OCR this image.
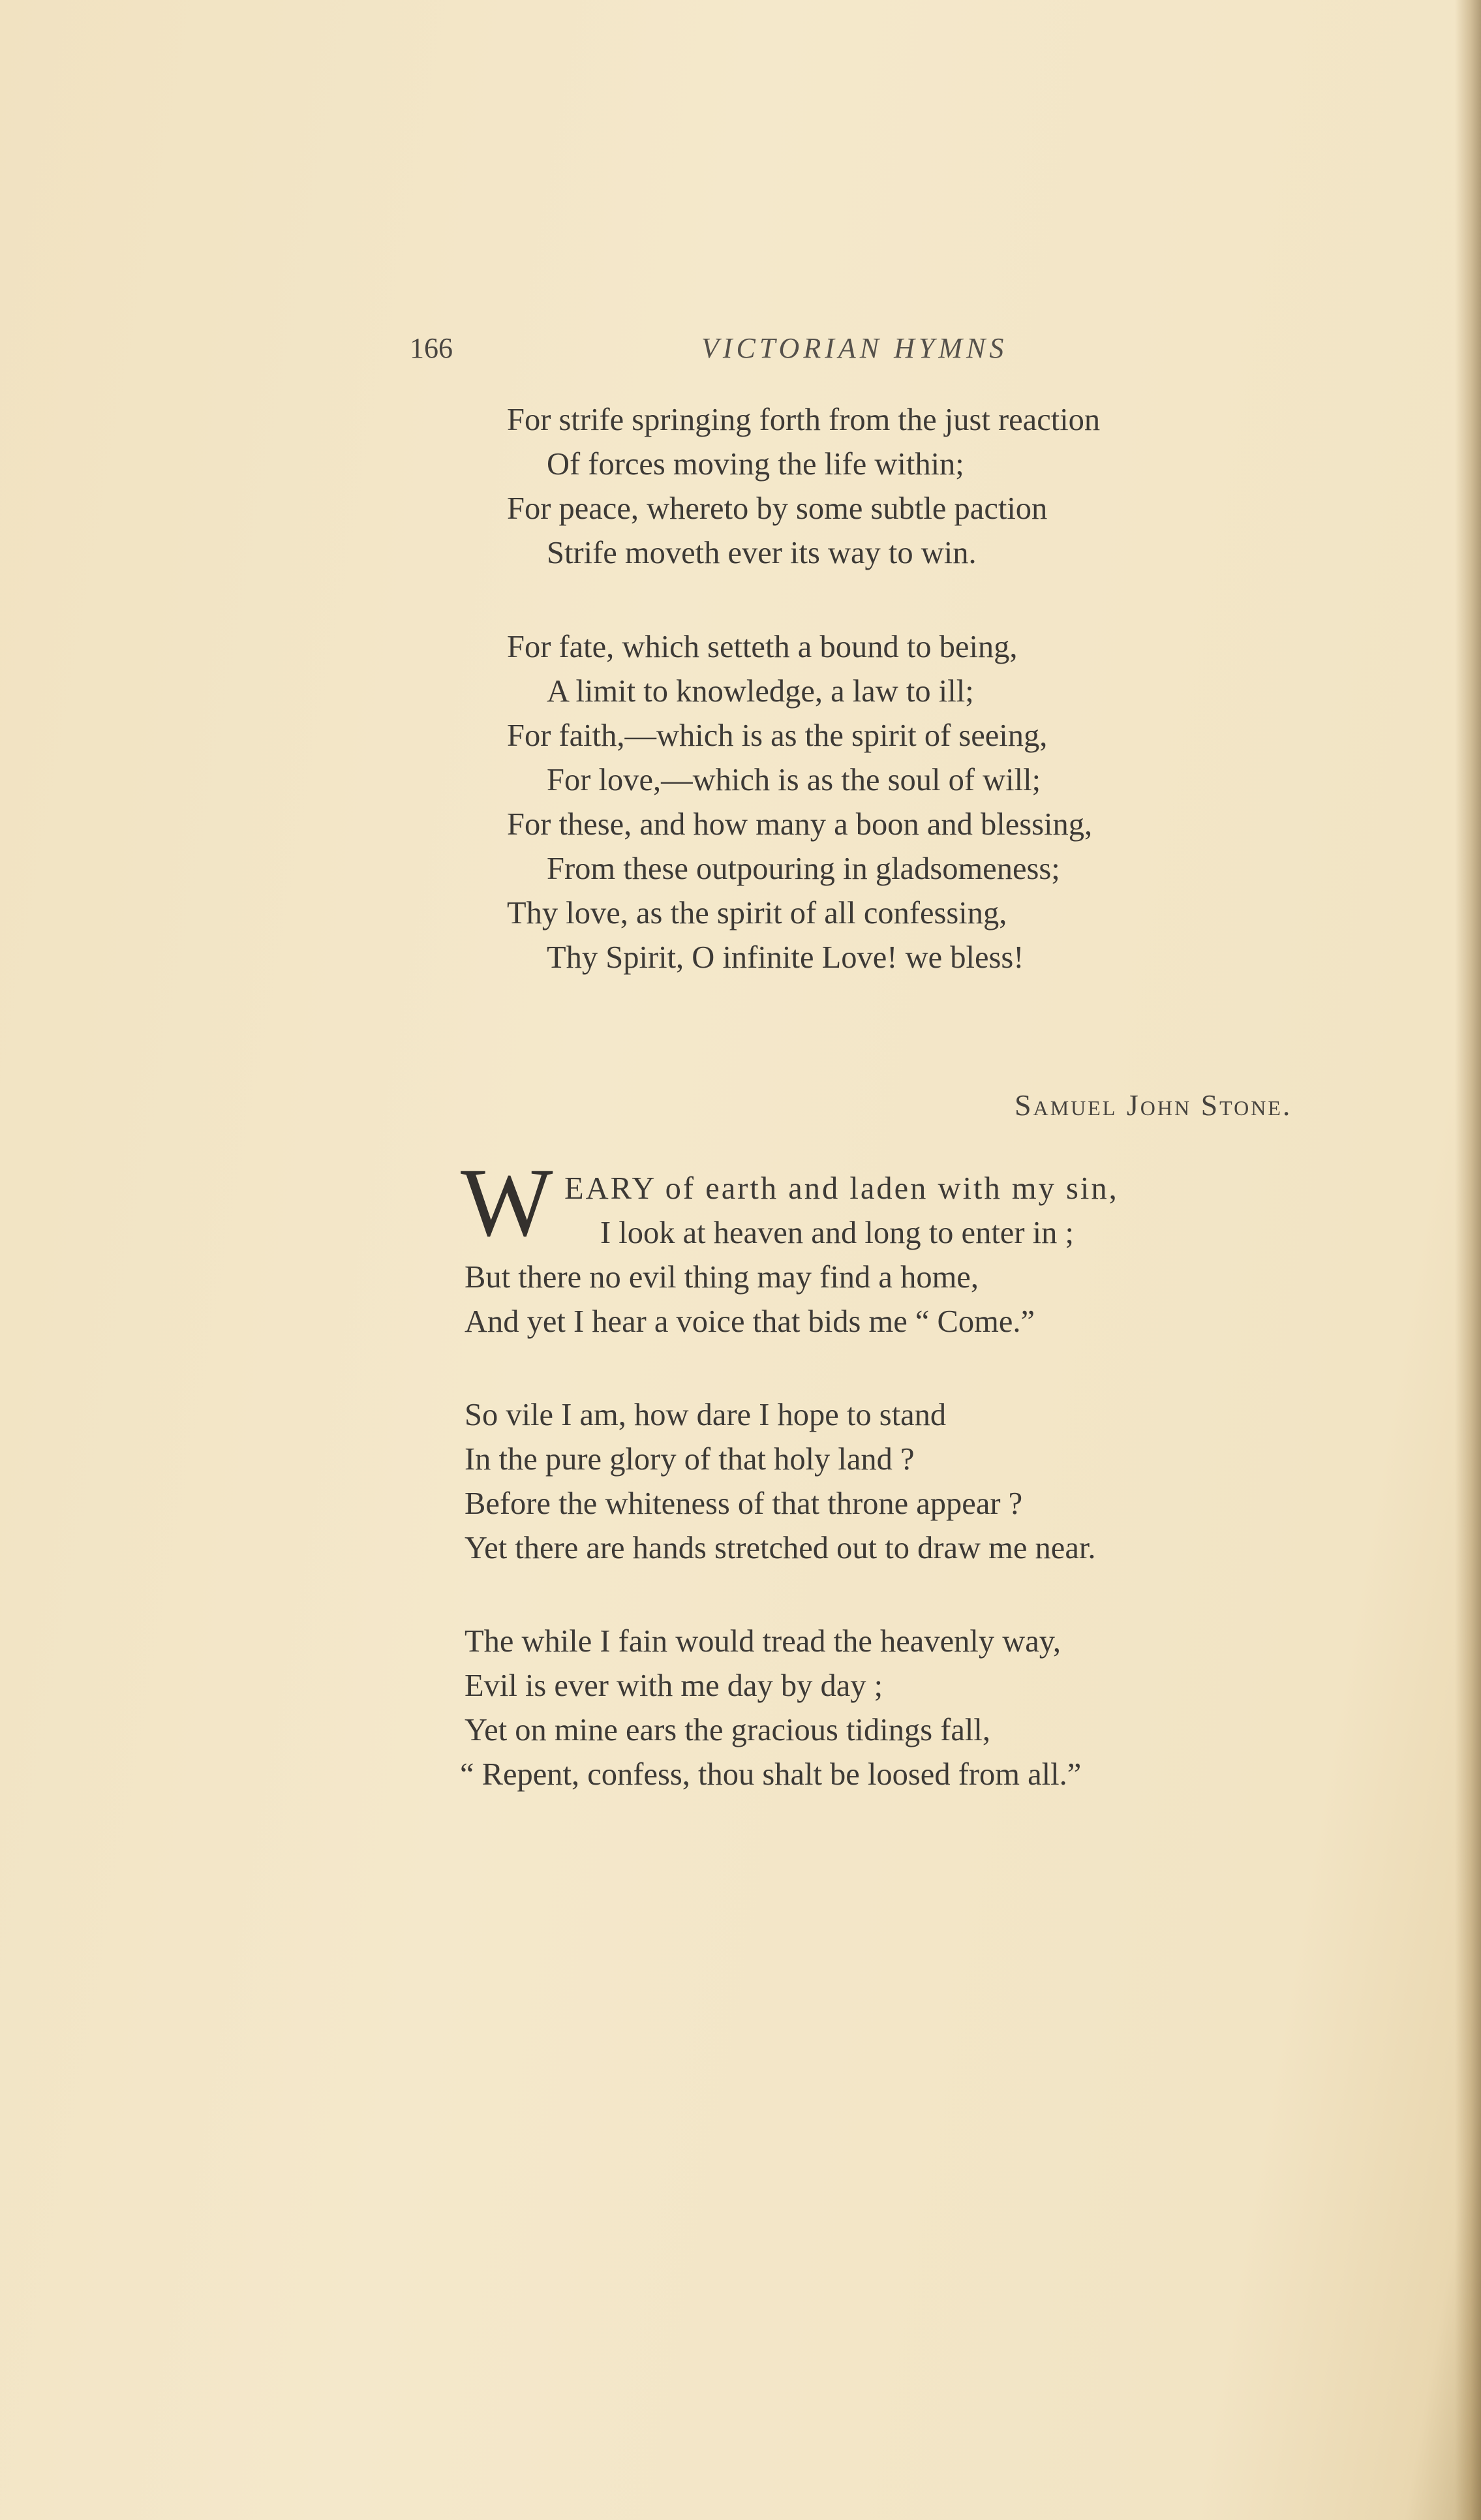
166	VICTORIAN HYMNS
For strife springing forth from the just reaction
Of forces moving the life within;
For peace, whereto by some subtle paction
Strife moveth ever its way to win.
For fate, which setteth a bound to being,
A limit to knowledge, a law to ill;
For faith,—which is as the spirit of seeing,
For love,—which is as the soul of will;
For these, and how many a boon and blessing,
From these outpouring in gladsomeness;
Thy love, as the spirit of all confessing,
Thy Spirit, O infinite Love! we bless!
Samuel John Stone.
W EARY of earth and laden with my sin,
I look at heaven and long to enter in ;
But there no evil thing may find a home,
And yet I hear a voice that bids me “ Come.”
So vile I am, how dare I hope to stand
In the pure glory of that holy land ?
Before the whiteness of that throne appear ?
Yet there are hands stretched out to draw me near.
The while I fain would tread the heavenly way,
Evil is ever with me day by day ;
Yet on mine ears the gracious tidings fall,
“ Repent, confess, thou shalt be loosed from all.”
